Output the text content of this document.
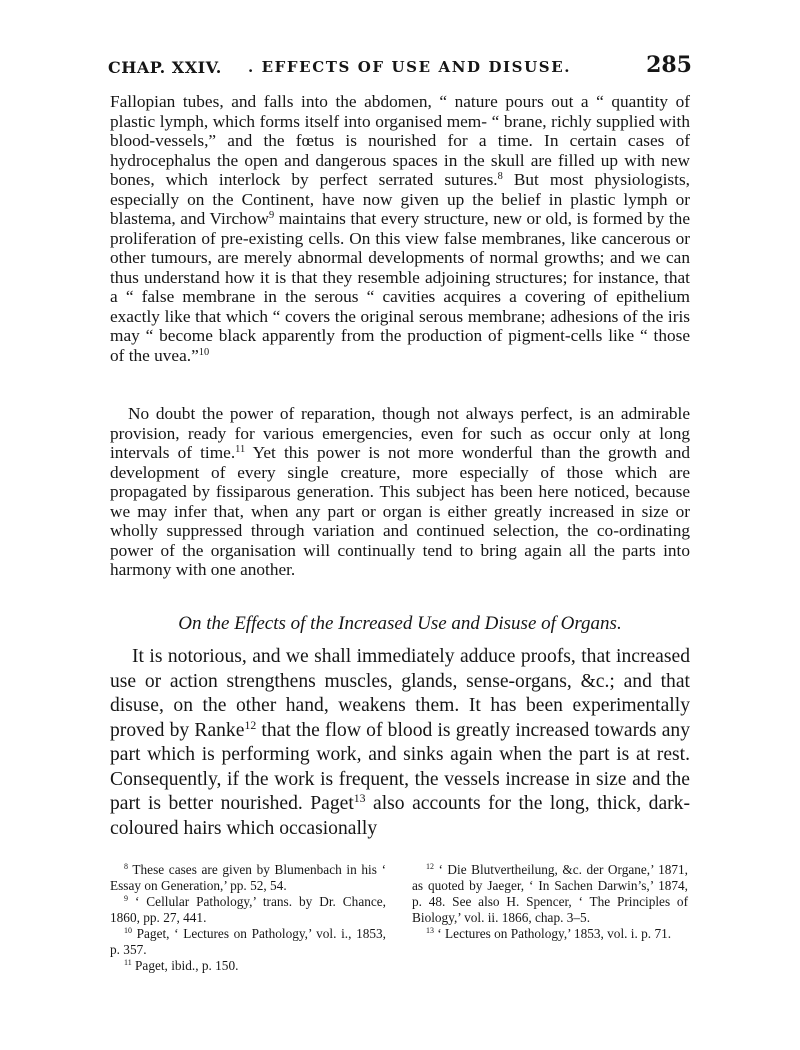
CHAP. XXIV. . EFFECTS OF USE AND DISUSE.	285

Fallopian tubes, and falls into the abdomen, “ nature pours out a “ quantity of plastic lymph, which forms itself into organised mem- “ brane, richly supplied with blood-vessels,” and the fœtus is nourished for a time. In certain cases of hydrocephalus the open and dangerous spaces in the skull are filled up with new bones, which interlock by perfect serrated sutures.$^8$ But most physiologists, especially on the Continent, have now given up the belief in plastic lymph or blastema, and Virchow$^9$ maintains that every structure, new or old, is formed by the proliferation of pre-existing cells. On this view false membranes, like cancerous or other tumours, are merely abnormal developments of normal growths; and we can thus understand how it is that they resemble adjoining structures; for instance, that a “ false membrane in the serous “ cavities acquires a covering of epithelium exactly like that which “ covers the original serous membrane; adhesions of the iris may “ become black apparently from the production of pigment-cells like “ those of the uvea.”$^{10}$

No doubt the power of reparation, though not always perfect, is an admirable provision, ready for various emergencies, even for such as occur only at long intervals of time.$^{11}$ Yet this power is not more wonderful than the growth and development of every single creature, more especially of those which are propagated by fissiparous generation. This subject has been here noticed, because we may infer that, when any part or organ is either greatly increased in size or wholly suppressed through variation and continued selection, the co-ordinating power of the organisation will continually tend to bring again all the parts into harmony with one another.

On the Effects of the Increased Use and Disuse of Organs.

It is notorious, and we shall immediately adduce proofs, that increased use or action strengthens muscles, glands, sense-organs, &c.; and that disuse, on the other hand, weakens them. It has been experimentally proved by Ranke$^{12}$ that the flow of blood is greatly increased towards any part which is performing work, and sinks again when the part is at rest. Consequently, if the work is frequent, the vessels increase in size and the part is better nourished. Paget$^{13}$ also accounts for the long, thick, dark-coloured hairs which occasionally

$^8$ These cases are given by Blumenbach in his ‘ Essay on Generation,’ pp. 52, 54.

$^9$ ‘ Cellular Pathology,’ trans. by Dr. Chance, 1860, pp. 27, 441.

$^{10}$ Paget, ‘ Lectures on Pathology,’ vol. i., 1853, p. 357.

$^{11}$ Paget, ibid., p. 150.

$^{12}$ ‘ Die Blutvertheilung, &c. der Organe,’ 1871, as quoted by Jaeger, ‘ In Sachen Darwin’s,’ 1874, p. 48. See also H. Spencer, ‘ The Principles of Biology,’ vol. ii. 1866, chap. 3–5.

$^{13}$ ‘ Lectures on Pathology,’ 1853, vol. i. p. 71.
